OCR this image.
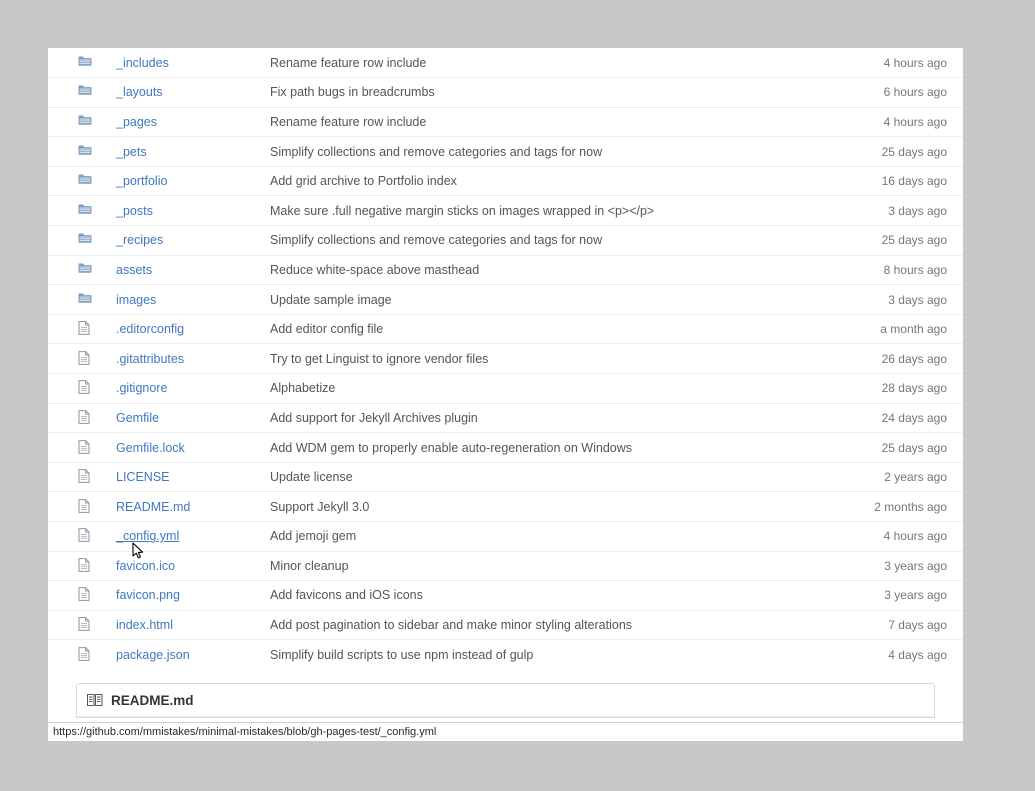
	_includes	Rename feature row include	4 hours ago

	_layouts	Fix path bugs in breadcrumbs	6 hours ago

	_pages	Rename feature row include	4 hours ago

	_pets	Simplify collections and remove categories and tags for now	25 days ago

	_portfolio	Add grid archive to Portfolio index	16 days ago

	_posts	Make sure .full negative margin sticks on images wrapped in <p></p>	3 days ago

	_recipes	Simplify collections and remove categories and tags for now	25 days ago

	assets	Reduce white-space above masthead	8 hours ago

	images	Update sample image	3 days ago

	.editorconfig	Add editor config file	a month ago

	.gitattributes	Try to get Linguist to ignore vendor files	26 days ago

	.gitignore	Alphabetize	28 days ago

	Gemfile	Add support for Jekyll Archives plugin	24 days ago

	Gemfile.lock	Add WDM gem to properly enable auto-regeneration on Windows	25 days ago

	LICENSE	Update license	2 years ago

	README.md	Support Jekyll 3.0	2 months ago

	_config.yml	Add jemoji gem	4 hours ago

	favicon.ico	Minor cleanup	3 years ago

	favicon.png	Add favicons and iOS icons	3 years ago

	index.html	Add post pagination to sidebar and make minor styling alterations	7 days ago

	package.json	Simplify build scripts to use npm instead of gulp	4 days ago
README.md
https://github.com/mmistakes/minimal-mistakes/blob/gh-pages-test/_config.yml
